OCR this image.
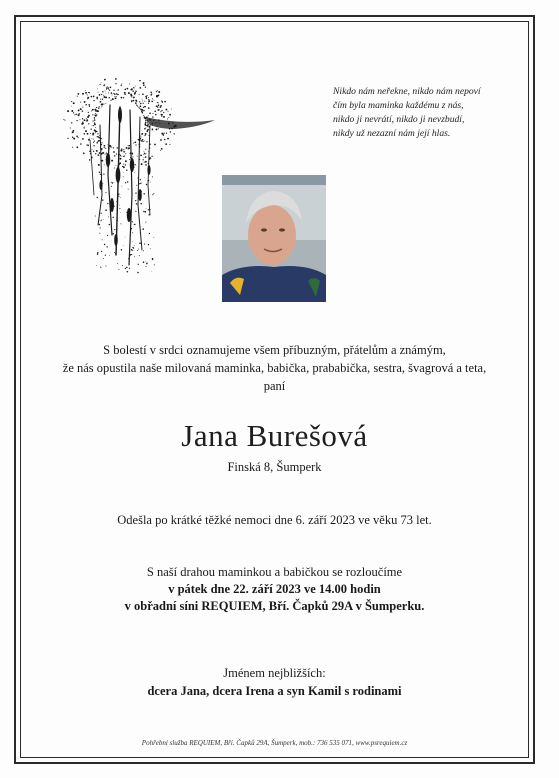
Nikdo nám neřekne, nikdo nám nepoví
čím byla maminka každému z nás,
nikdo ji nevrátí, nikdo ji nevzbudí,
nikdy už nezazní nám její hlas.
S bolestí v srdci oznamujeme všem příbuzným, přátelům a známým,
že nás opustila naše milovaná maminka, babička, prababička, sestra, švagrová a teta,
paní
Jana Burešová
Finská 8, Šumperk
Odešla po krátké těžké nemoci dne 6. září 2023 ve věku 73 let.
S naší drahou maminkou a babičkou se rozloučíme
v pátek dne 22. září 2023 ve 14.00 hodin
v obřadní síni REQUIEM, Bří. Čapků 29A v Šumperku.
Jménem nejbližších:
dcera Jana, dcera Irena a syn Kamil s rodinami
Pohřební služba REQUIEM, Bří. Čapků 29A, Šumperk, mob.: 736 535 071, www.psrequiem.cz
